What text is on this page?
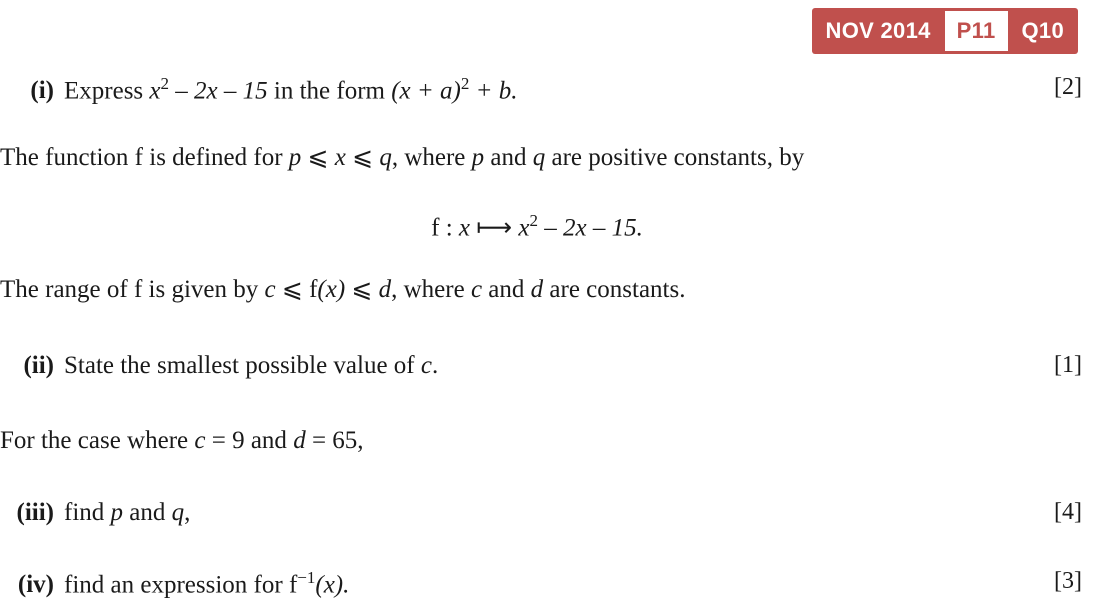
NOV 2014	P11	Q10
(i) Express $x^2 - 2x - 15$ in the form $(x + a)^2 + b$.	[2]
The function f is defined for p ⩽ x ⩽ q, where p and q are positive constants, by
f : x ⟼ $x^2 - 2x - 15$.
The range of f is given by c ⩽ f(x) ⩽ d, where c and d are constants.
(ii) State the smallest possible value of c.	[1]
For the case where c = 9 and d = 65,
(iii) find p and q,	[4]
(iv) find an expression for $f^{-1}(x)$.	[3]
